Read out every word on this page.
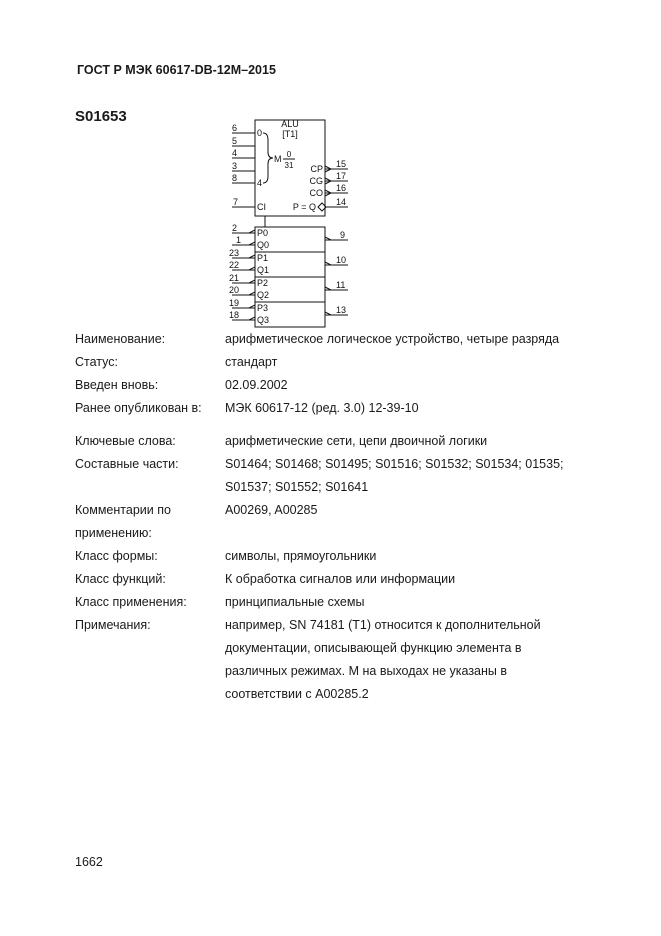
ГОСТ Р МЭК 60617-DB-12M–2015
S01653	ALU
[T1]
6
5
4
3
8
7
0
4
M 0
31
CI
CP
CG
CO
P = Q
15
17
16
14
P0
Q0
2
1	9
P1
Q1
23
22	10
P2
Q2
21
20	11
P3
Q3
19
18	13
Наименование:	арифметическое логическое устройство, четыре разряда
Статус:	стандарт
Введен вновь:	02.09.2002
Ранее опубликован в:	МЭК 60617-12 (ред. 3.0) 12-39-10
Ключевые слова:	арифметические сети, цепи двоичной логики
Составные части:	S01464; S01468; S01495; S01516; S01532; S01534; 01535;
S01537; S01552; S01641
Комментарии по
применению:
A00269, A00285
Класс формы:	символы, прямоугольники
Класс функций:	К обработка сигналов или информации
Класс применения:	принципиальные схемы
Примечания:	например, SN 74181 (T1) относится к дополнительной
документации, описывающей функцию элемента в
различных режимах. М на выходах не указаны в
соответствии с A00285.2
1662
